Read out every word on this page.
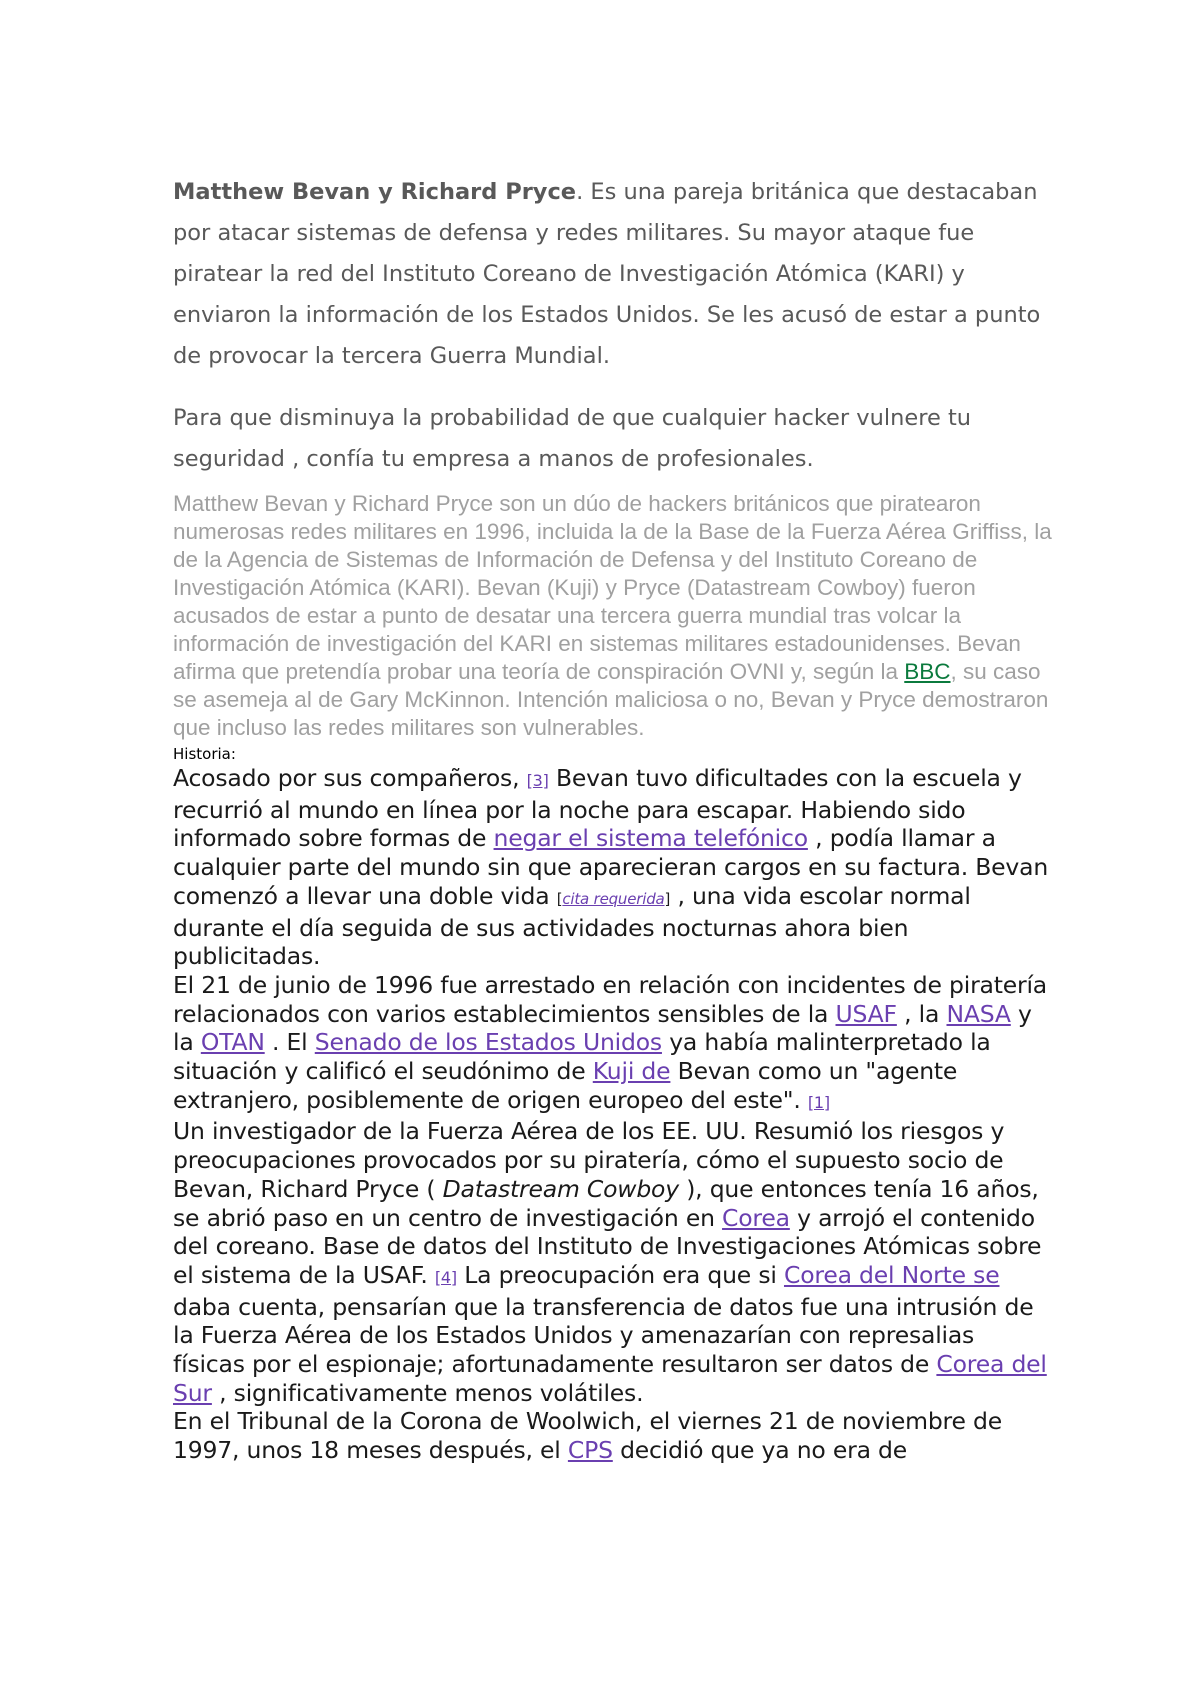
Matthew Bevan y Richard Pryce. Es una pareja británica que destacaban por atacar sistemas de defensa y redes militares. Su mayor ataque fue piratear la red del Instituto Coreano de Investigación Atómica (KARI) y enviaron la información de los Estados Unidos. Se les acusó de estar a punto de provocar la tercera Guerra Mundial.

Para que disminuya la probabilidad de que cualquier hacker vulnere tu seguridad , confía tu empresa a manos de profesionales.

Matthew Bevan y Richard Pryce son un dúo de hackers británicos que piratearon numerosas redes militares en 1996, incluida la de la Base de la Fuerza Aérea Griffiss, la de la Agencia de Sistemas de Información de Defensa y del Instituto Coreano de Investigación Atómica (KARI). Bevan (Kuji) y Pryce (Datastream Cowboy) fueron acusados de estar a punto de desatar una tercera guerra mundial tras volcar la información de investigación del KARI en sistemas militares estadounidenses. Bevan afirma que pretendía probar una teoría de conspiración OVNI y, según la BBC, su caso se asemeja al de Gary McKinnon. Intención maliciosa o no, Bevan y Pryce demostraron que incluso las redes militares son vulnerables.

Historia:

Acosado por sus compañeros, [3] Bevan tuvo dificultades con la escuela y recurrió al mundo en línea por la noche para escapar. Habiendo sido informado sobre formas de negar el sistema telefónico , podía llamar a cualquier parte del mundo sin que aparecieran cargos en su factura. Bevan comenzó a llevar una doble vida [cita requerida] , una vida escolar normal durante el día seguida de sus actividades nocturnas ahora bien publicitadas.

El 21 de junio de 1996 fue arrestado en relación con incidentes de piratería relacionados con varios establecimientos sensibles de la USAF , la NASA y la OTAN . El Senado de los Estados Unidos ya había malinterpretado la situación y calificó el seudónimo de Kuji de Bevan como un "agente extranjero, posiblemente de origen europeo del este". [1]

Un investigador de la Fuerza Aérea de los EE. UU. Resumió los riesgos y preocupaciones provocados por su piratería, cómo el supuesto socio de Bevan, Richard Pryce ( Datastream Cowboy ), que entonces tenía 16 años, se abrió paso en un centro de investigación en Corea y arrojó el contenido del coreano. Base de datos del Instituto de Investigaciones Atómicas sobre el sistema de la USAF. [4] La preocupación era que si Corea del Norte se daba cuenta, pensarían que la transferencia de datos fue una intrusión de la Fuerza Aérea de los Estados Unidos y amenazarían con represalias físicas por el espionaje; afortunadamente resultaron ser datos de Corea del Sur , significativamente menos volátiles.

En el Tribunal de la Corona de Woolwich, el viernes 21 de noviembre de 1997, unos 18 meses después, el CPS decidió que ya no era de
